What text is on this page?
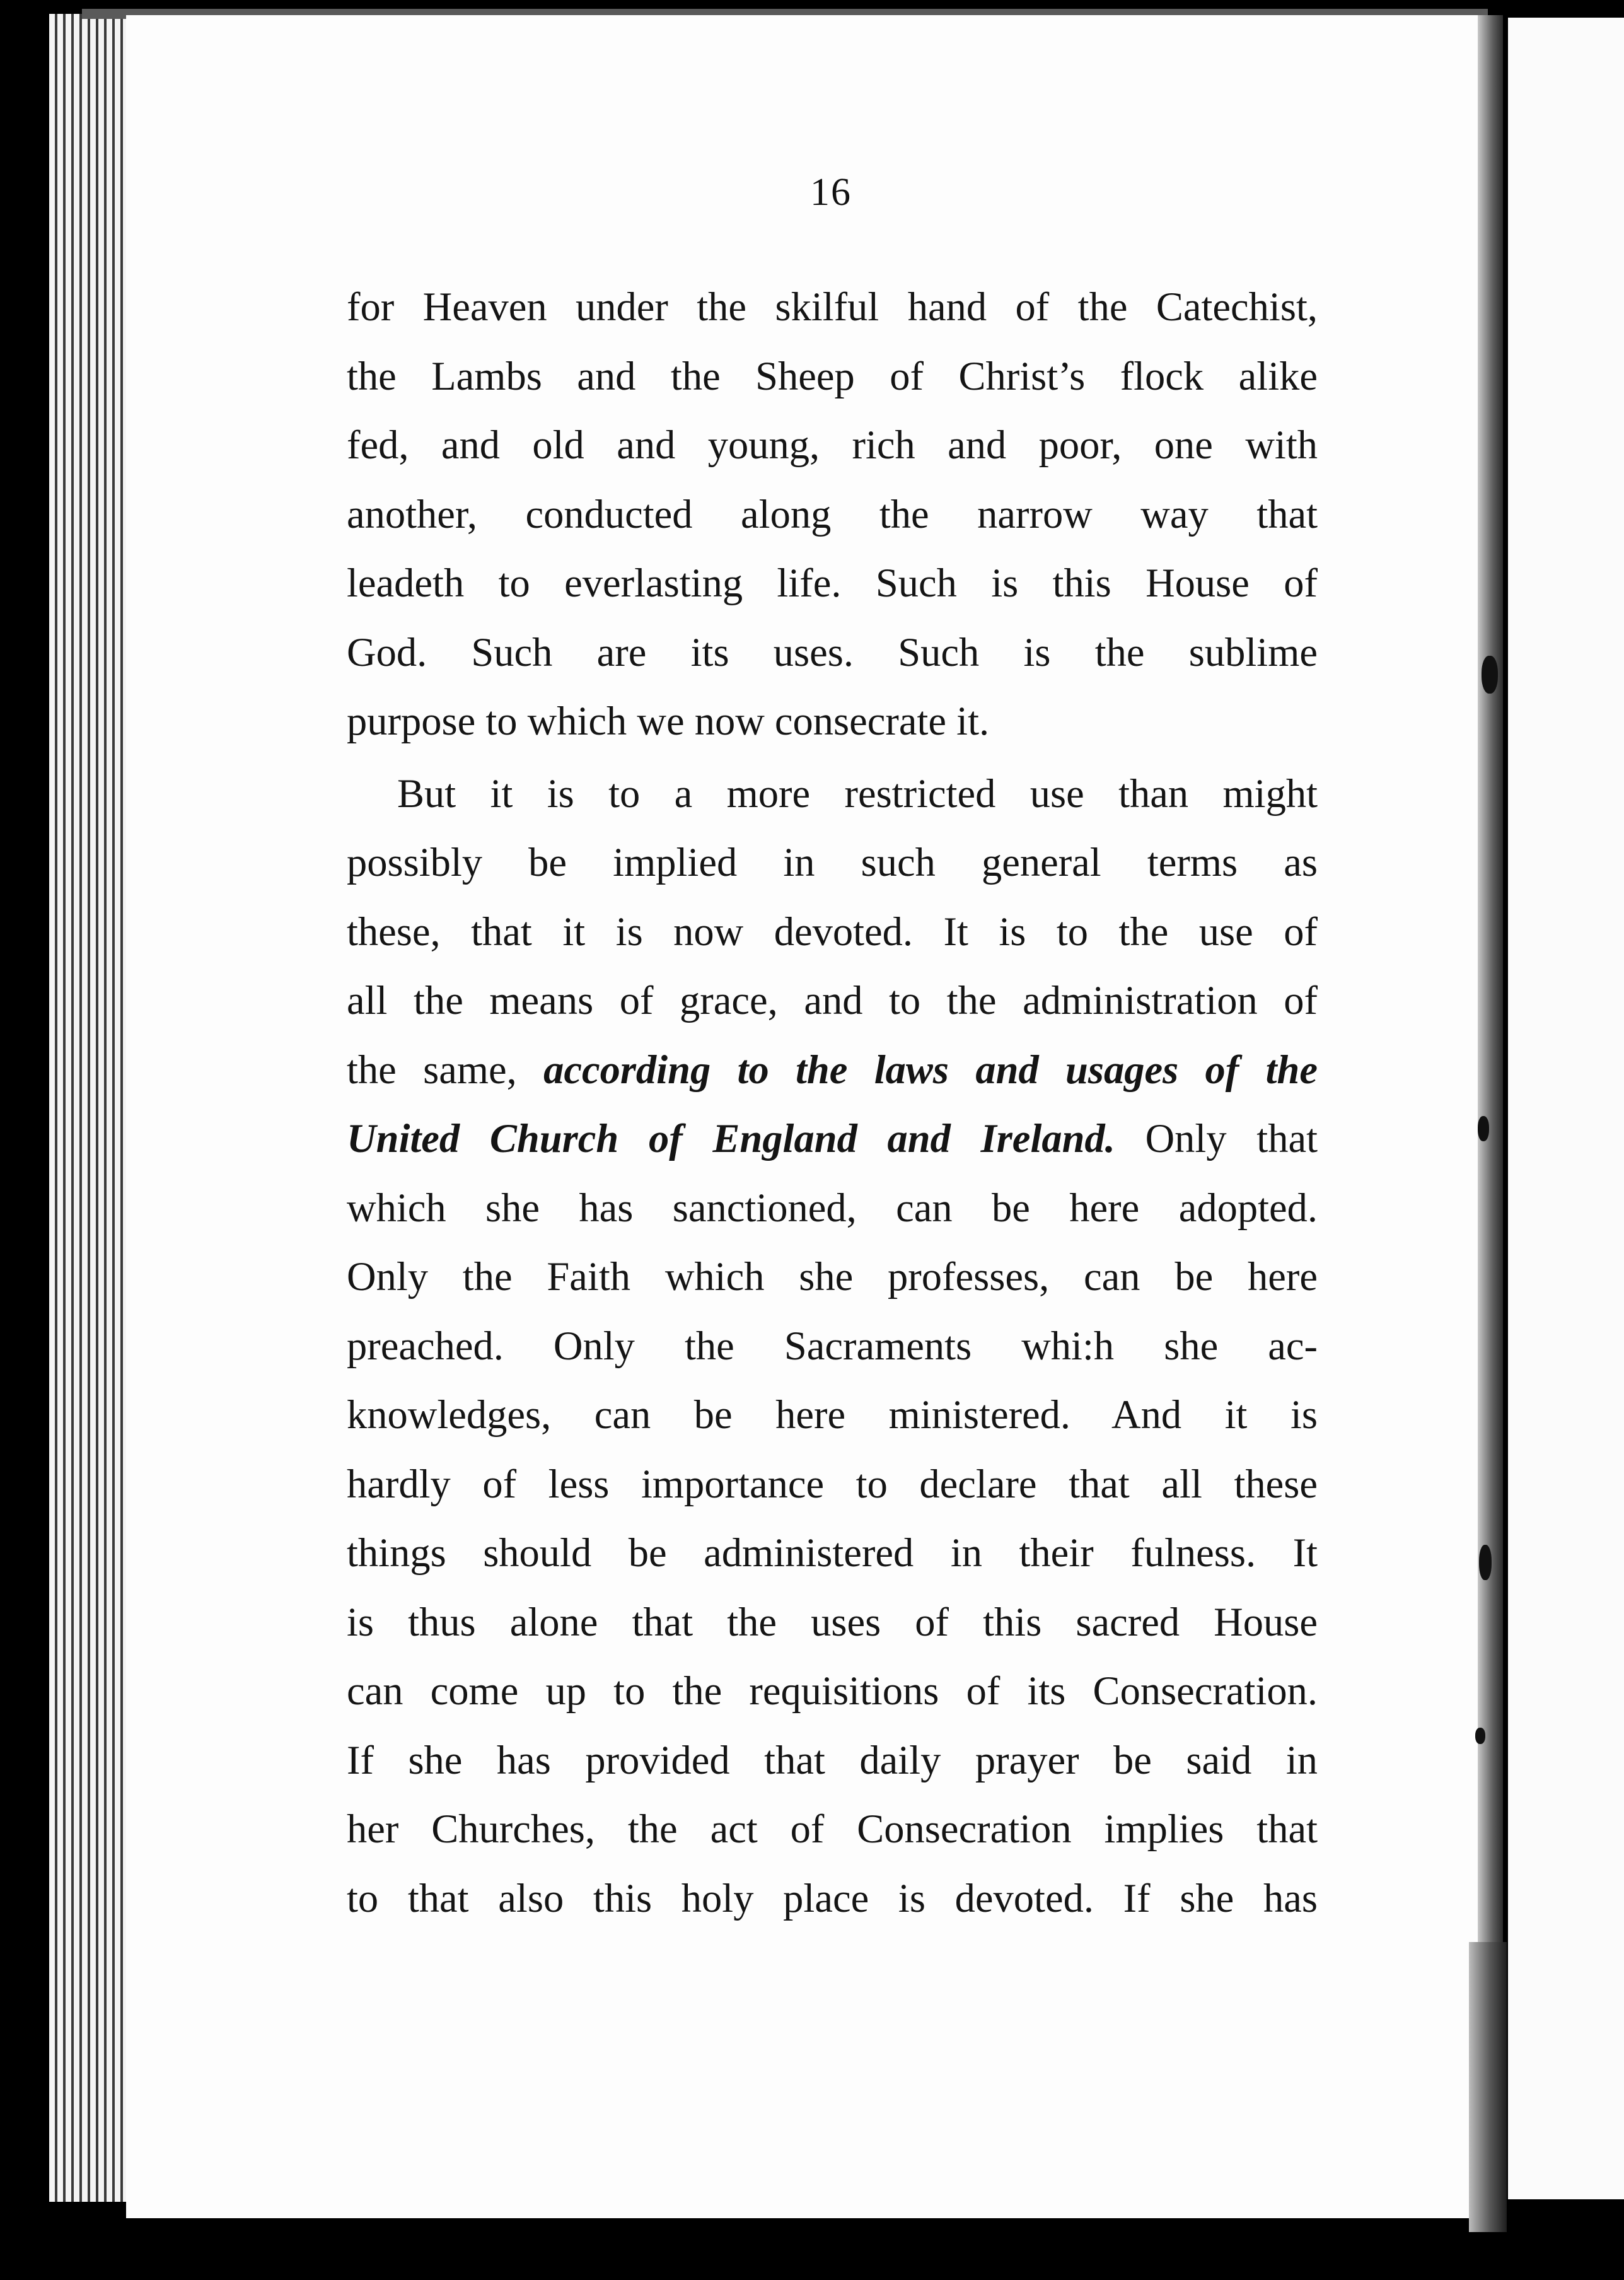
16
for Heaven under the skilful hand of the Catechist,
the Lambs and the Sheep of Christ’s flock alike
fed, and old and young, rich and poor, one with
another, conducted along the narrow way that
leadeth to everlasting life. Such is this House of
God. Such are its uses. Such is the sublime
purpose to which we now consecrate it.
But it is to a more restricted use than might
possibly be implied in such general terms as
these, that it is now devoted. It is to the use of
all the means of grace, and to the administration of
the same, according to the laws and usages of the
United Church of England and Ireland. Only that
which she has sanctioned, can be here adopted.
Only the Faith which she professes, can be here
preached. Only the Sacraments whi:h she ac-
knowledges, can be here ministered. And it is
hardly of less importance to declare that all these
things should be administered in their fulness. It
is thus alone that the uses of this sacred House
can come up to the requisitions of its Consecration.
If she has provided that daily prayer be said in
her Churches, the act of Consecration implies that
to that also this holy place is devoted. If she has
